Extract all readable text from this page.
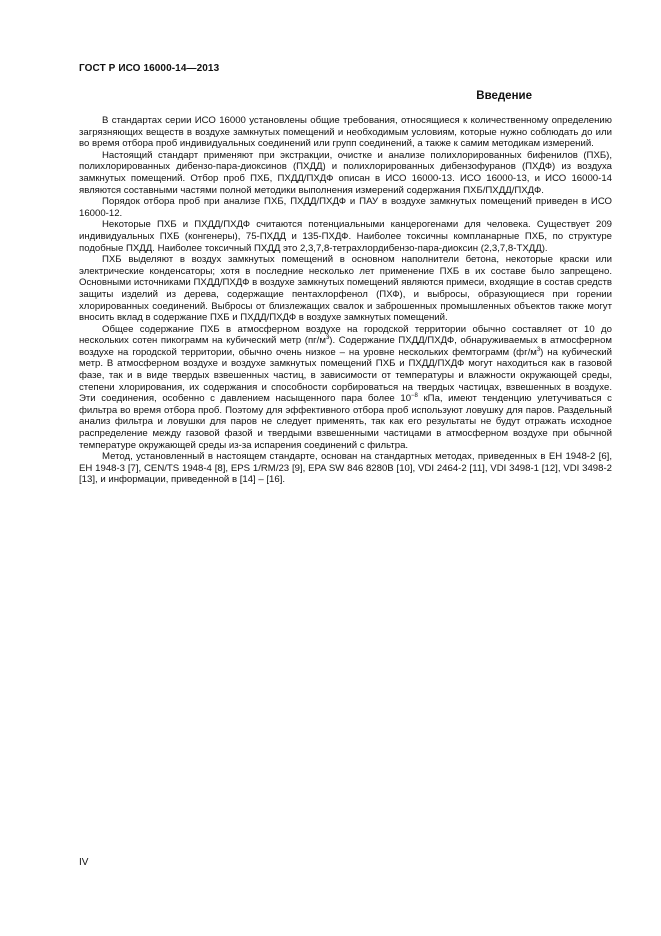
ГОСТ Р ИСО 16000-14—2013
Введение

В стандартах серии ИСО 16000 установлены общие требования, относящиеся к количественному определению загрязняющих веществ в воздухе замкнутых помещений и необходимым условиям, которые нужно соблюдать до или во время отбора проб индивидуальных соединений или групп соединений, а также к самим методикам измерений.

Настоящий стандарт применяют при экстракции, очистке и анализе полихлорированных бифенилов (ПХБ), полихлорированных дибензо-пара-диоксинов (ПХДД) и полихлорированных дибензофуранов (ПХДФ) из воздуха замкнутых помещений. Отбор проб ПХБ, ПХДД/ПХДФ описан в ИСО 16000-13. ИСО 16000-13, и ИСО 16000-14 являются составными частями полной методики выполнения измерений содержания ПХБ/ПХДД/ПХДФ.

Порядок отбора проб при анализе ПХБ, ПХДД/ПХДФ и ПАУ в воздухе замкнутых помещений приведен в ИСО 16000-12.

Некоторые ПХБ и ПХДД/ПХДФ считаются потенциальными канцерогенами для человека. Существует 209 индивидуальных ПХБ (конгенеры), 75-ПХДД и 135-ПХДФ. Наиболее токсичны компланарные ПХБ, по структуре подобные ПХДД. Наиболее токсичный ПХДД это 2,3,7,8-тетрахлордибензо-пара-диоксин (2,3,7,8-ТХДД).

ПХБ выделяют в воздух замкнутых помещений в основном наполнители бетона, некоторые краски или электрические конденсаторы; хотя в последние несколько лет применение ПХБ в их составе было запрещено. Основными источниками ПХДД/ПХДФ в воздухе замкнутых помещений являются примеси, входящие в состав средств защиты изделий из дерева, содержащие пентахлорфенол (ПХФ), и выбросы, образующиеся при горении хлорированных соединений. Выбросы от близлежащих свалок и заброшенных промышленных объектов также могут вносить вклад в содержание ПХБ и ПХДД/ПХДФ в воздухе замкнутых помещений.

Общее содержание ПХБ в атмосферном воздухе на городской территории обычно составляет от 10 до нескольких сотен пикограмм на кубический метр $(пг/м^3)$. Содержание ПХДД/ПХДФ, обнаруживаемых в атмосферном воздухе на городской территории, обычно очень низкое – на уровне нескольких фемтограмм $(фг/м^3)$ на кубический метр. В атмосферном воздухе и воздухе замкнутых помещений ПХБ и ПХДД/ПХДФ могут находиться как в газовой фазе, так и в виде твердых взвешенных частиц, в зависимости от температуры и влажности окружающей среды, степени хлорирования, их содержания и способности сорбироваться на твердых частицах, взвешенных в воздухе. Эти соединения, особенно с давлением насыщенного пара более $10^{-8}$ кПа, имеют тенденцию улетучиваться с фильтра во время отбора проб. Поэтому для эффективного отбора проб используют ловушку для паров. Раздельный анализ фильтра и ловушки для паров не следует применять, так как его результаты не будут отражать исходное распределение между газовой фазой и твердыми взвешенными частицами в атмосферном воздухе при обычной температуре окружающей среды из-за испарения соединений с фильтра.

Метод, установленный в настоящем стандарте, основан на стандартных методах, приведенных в ЕН 1948-2 [6], ЕН 1948-3 [7], CEN/TS 1948-4 [8], EPS 1/RM/23 [9], EPA SW 846 8280B [10], VDI 2464-2 [11], VDI 3498-1 [12], VDI 3498-2 [13], и информации, приведенной в [14] – [16].

IV
